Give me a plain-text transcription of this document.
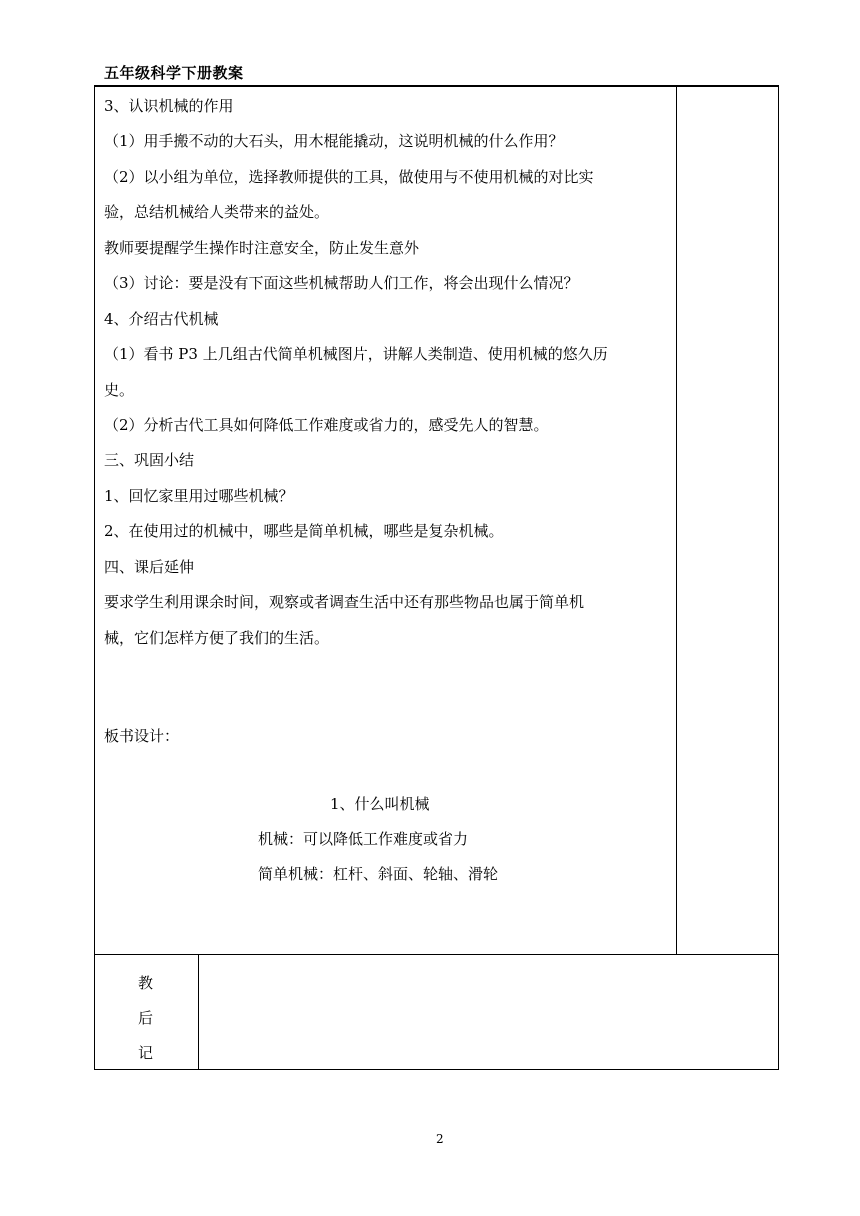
五年级科学下册教案
3、认识机械的作用
（1）用手搬不动的大石头，用木棍能撬动，这说明机械的什么作用？
（2）以小组为单位，选择教师提供的工具，做使用与不使用机械的对比实
验，总结机械给人类带来的益处。
教师要提醒学生操作时注意安全，防止发生意外
（3）讨论：要是没有下面这些机械帮助人们工作，将会出现什么情况？
4、介绍古代机械
（1）看书 P3 上几组古代简单机械图片，讲解人类制造、使用机械的悠久历
史。
（2）分析古代工具如何降低工作难度或省力的，感受先人的智慧。
三、巩固小结
1、回忆家里用过哪些机械？
2、在使用过的机械中，哪些是简单机械，哪些是复杂机械。
四、课后延伸
要求学生利用课余时间，观察或者调查生活中还有那些物品也属于简单机
械，它们怎样方便了我们的生活。
板书设计：
1、什么叫机械
机械：可以降低工作难度或省力
简单机械：杠杆、斜面、轮轴、滑轮
教
后
记
2
